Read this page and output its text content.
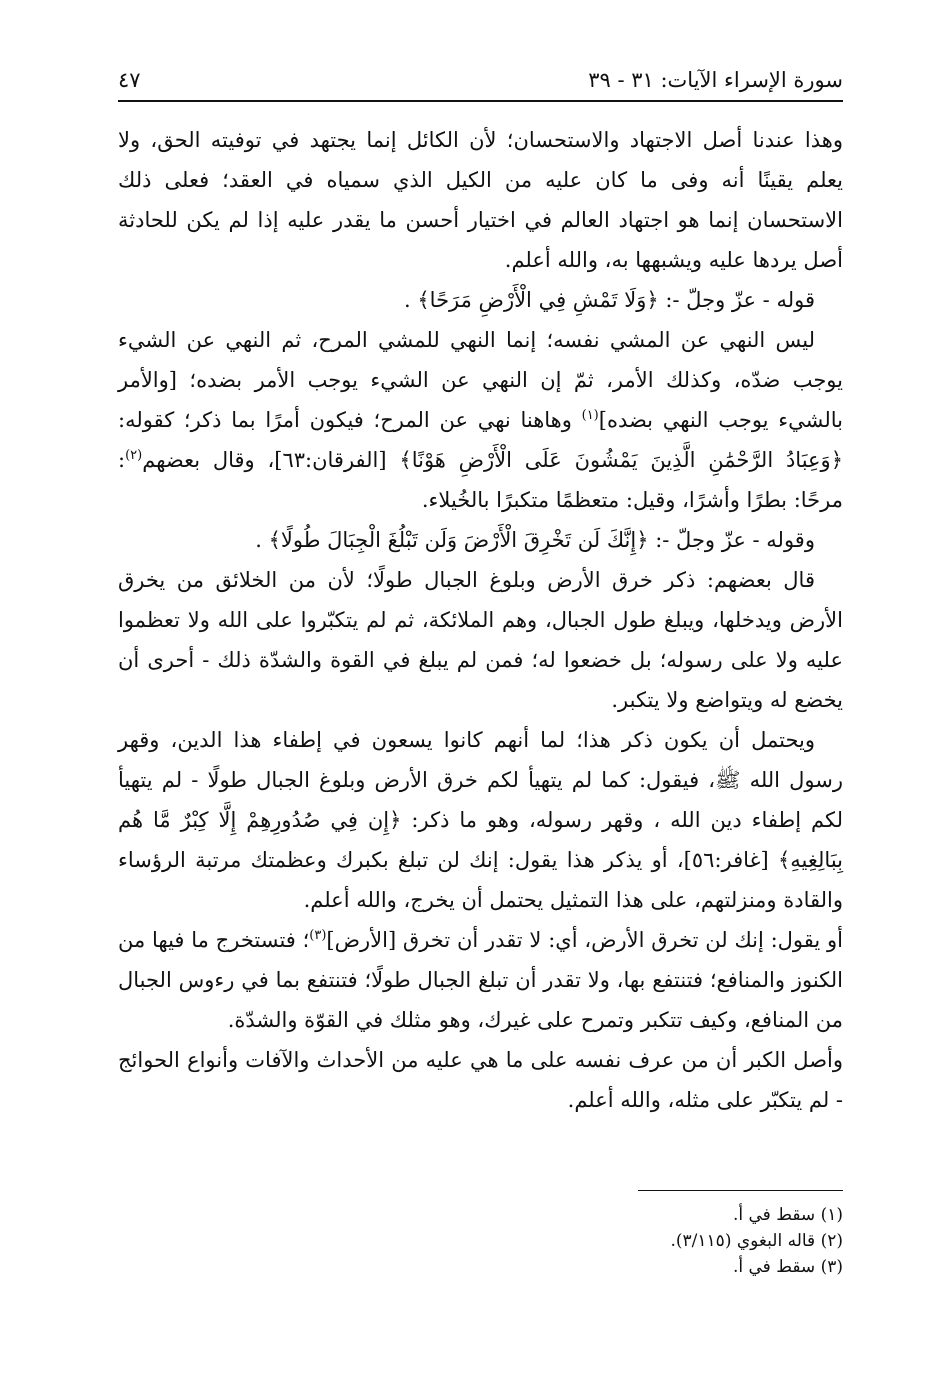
سورة الإسراء الآيات: ٣١ - ٣٩
٤٧

وهذا عندنا أصل الاجتهاد والاستحسان؛ لأن الكائل إنما يجتهد في توفيته الحق، ولا يعلم يقينًا أنه وفى ما كان عليه من الكيل الذي سمياه في العقد؛ فعلى ذلك الاستحسان إنما هو اجتهاد العالم في اختيار أحسن ما يقدر عليه إذا لم يكن للحادثة أصل يردها عليه ويشبهها به، والله أعلم.

قوله - عزّ وجلّ -: ﴿وَلَا تَمْشِ فِي الْأَرْضِ مَرَحًا﴾ .

ليس النهي عن المشي نفسه؛ إنما النهي للمشي المرح، ثم النهي عن الشيء يوجب ضدّه، وكذلك الأمر، ثمّ إن النهي عن الشيء يوجب الأمر بضده؛ [والأمر بالشيء يوجب النهي بضده]$^{(١)}$ وهاهنا نهي عن المرح؛ فيكون أمرًا بما ذكر؛ كقوله: ﴿وَعِبَادُ الرَّحْمَٰنِ الَّذِينَ يَمْشُونَ عَلَى الْأَرْضِ هَوْنًا﴾ [الفرقان:٦٣]، وقال بعضهم$^{(٢)}$: مرحًا: بطرًا وأشرًا، وقيل: متعظمًا متكبرًا بالخُيلاء.

وقوله - عزّ وجلّ -: ﴿إِنَّكَ لَن تَخْرِقَ الْأَرْضَ وَلَن تَبْلُغَ الْجِبَالَ طُولًا﴾ .

قال بعضهم: ذكر خرق الأرض وبلوغ الجبال طولًا؛ لأن من الخلائق من يخرق الأرض ويدخلها، ويبلغ طول الجبال، وهم الملائكة، ثم لم يتكبّروا على الله ولا تعظموا عليه ولا على رسوله؛ بل خضعوا له؛ فمن لم يبلغ في القوة والشدّة ذلك - أحرى أن يخضع له ويتواضع ولا يتكبر.

ويحتمل أن يكون ذكر هذا؛ لما أنهم كانوا يسعون في إطفاء هذا الدين، وقهر رسول الله ﷺ، فيقول: كما لم يتهيأ لكم خرق الأرض وبلوغ الجبال طولًا - لم يتهيأ لكم إطفاء دين الله ، وقهر رسوله، وهو ما ذكر: ﴿إِن فِي صُدُورِهِمْ إِلَّا كِبْرٌ مَّا هُم بِبَالِغِيهِ﴾ [غافر:٥٦]، أو يذكر هذا يقول: إنك لن تبلغ بكبرك وعظمتك مرتبة الرؤساء والقادة ومنزلتهم، على هذا التمثيل يحتمل أن يخرج، والله أعلم.

أو يقول: إنك لن تخرق الأرض، أي: لا تقدر أن تخرق [الأرض]$^{(٣)}$؛ فتستخرج ما فيها من الكنوز والمنافع؛ فتنتفع بها، ولا تقدر أن تبلغ الجبال طولًا؛ فتنتفع بما في رءوس الجبال من المنافع، وكيف تتكبر وتمرح على غيرك، وهو مثلك في القوّة والشدّة.

وأصل الكبر أن من عرف نفسه على ما هي عليه من الأحداث والآفات وأنواع الحوائج - لم يتكبّر على مثله، والله أعلم.

(١) سقط في أ.
(٢) قاله البغوي (٣/١١٥).
(٣) سقط في أ.
